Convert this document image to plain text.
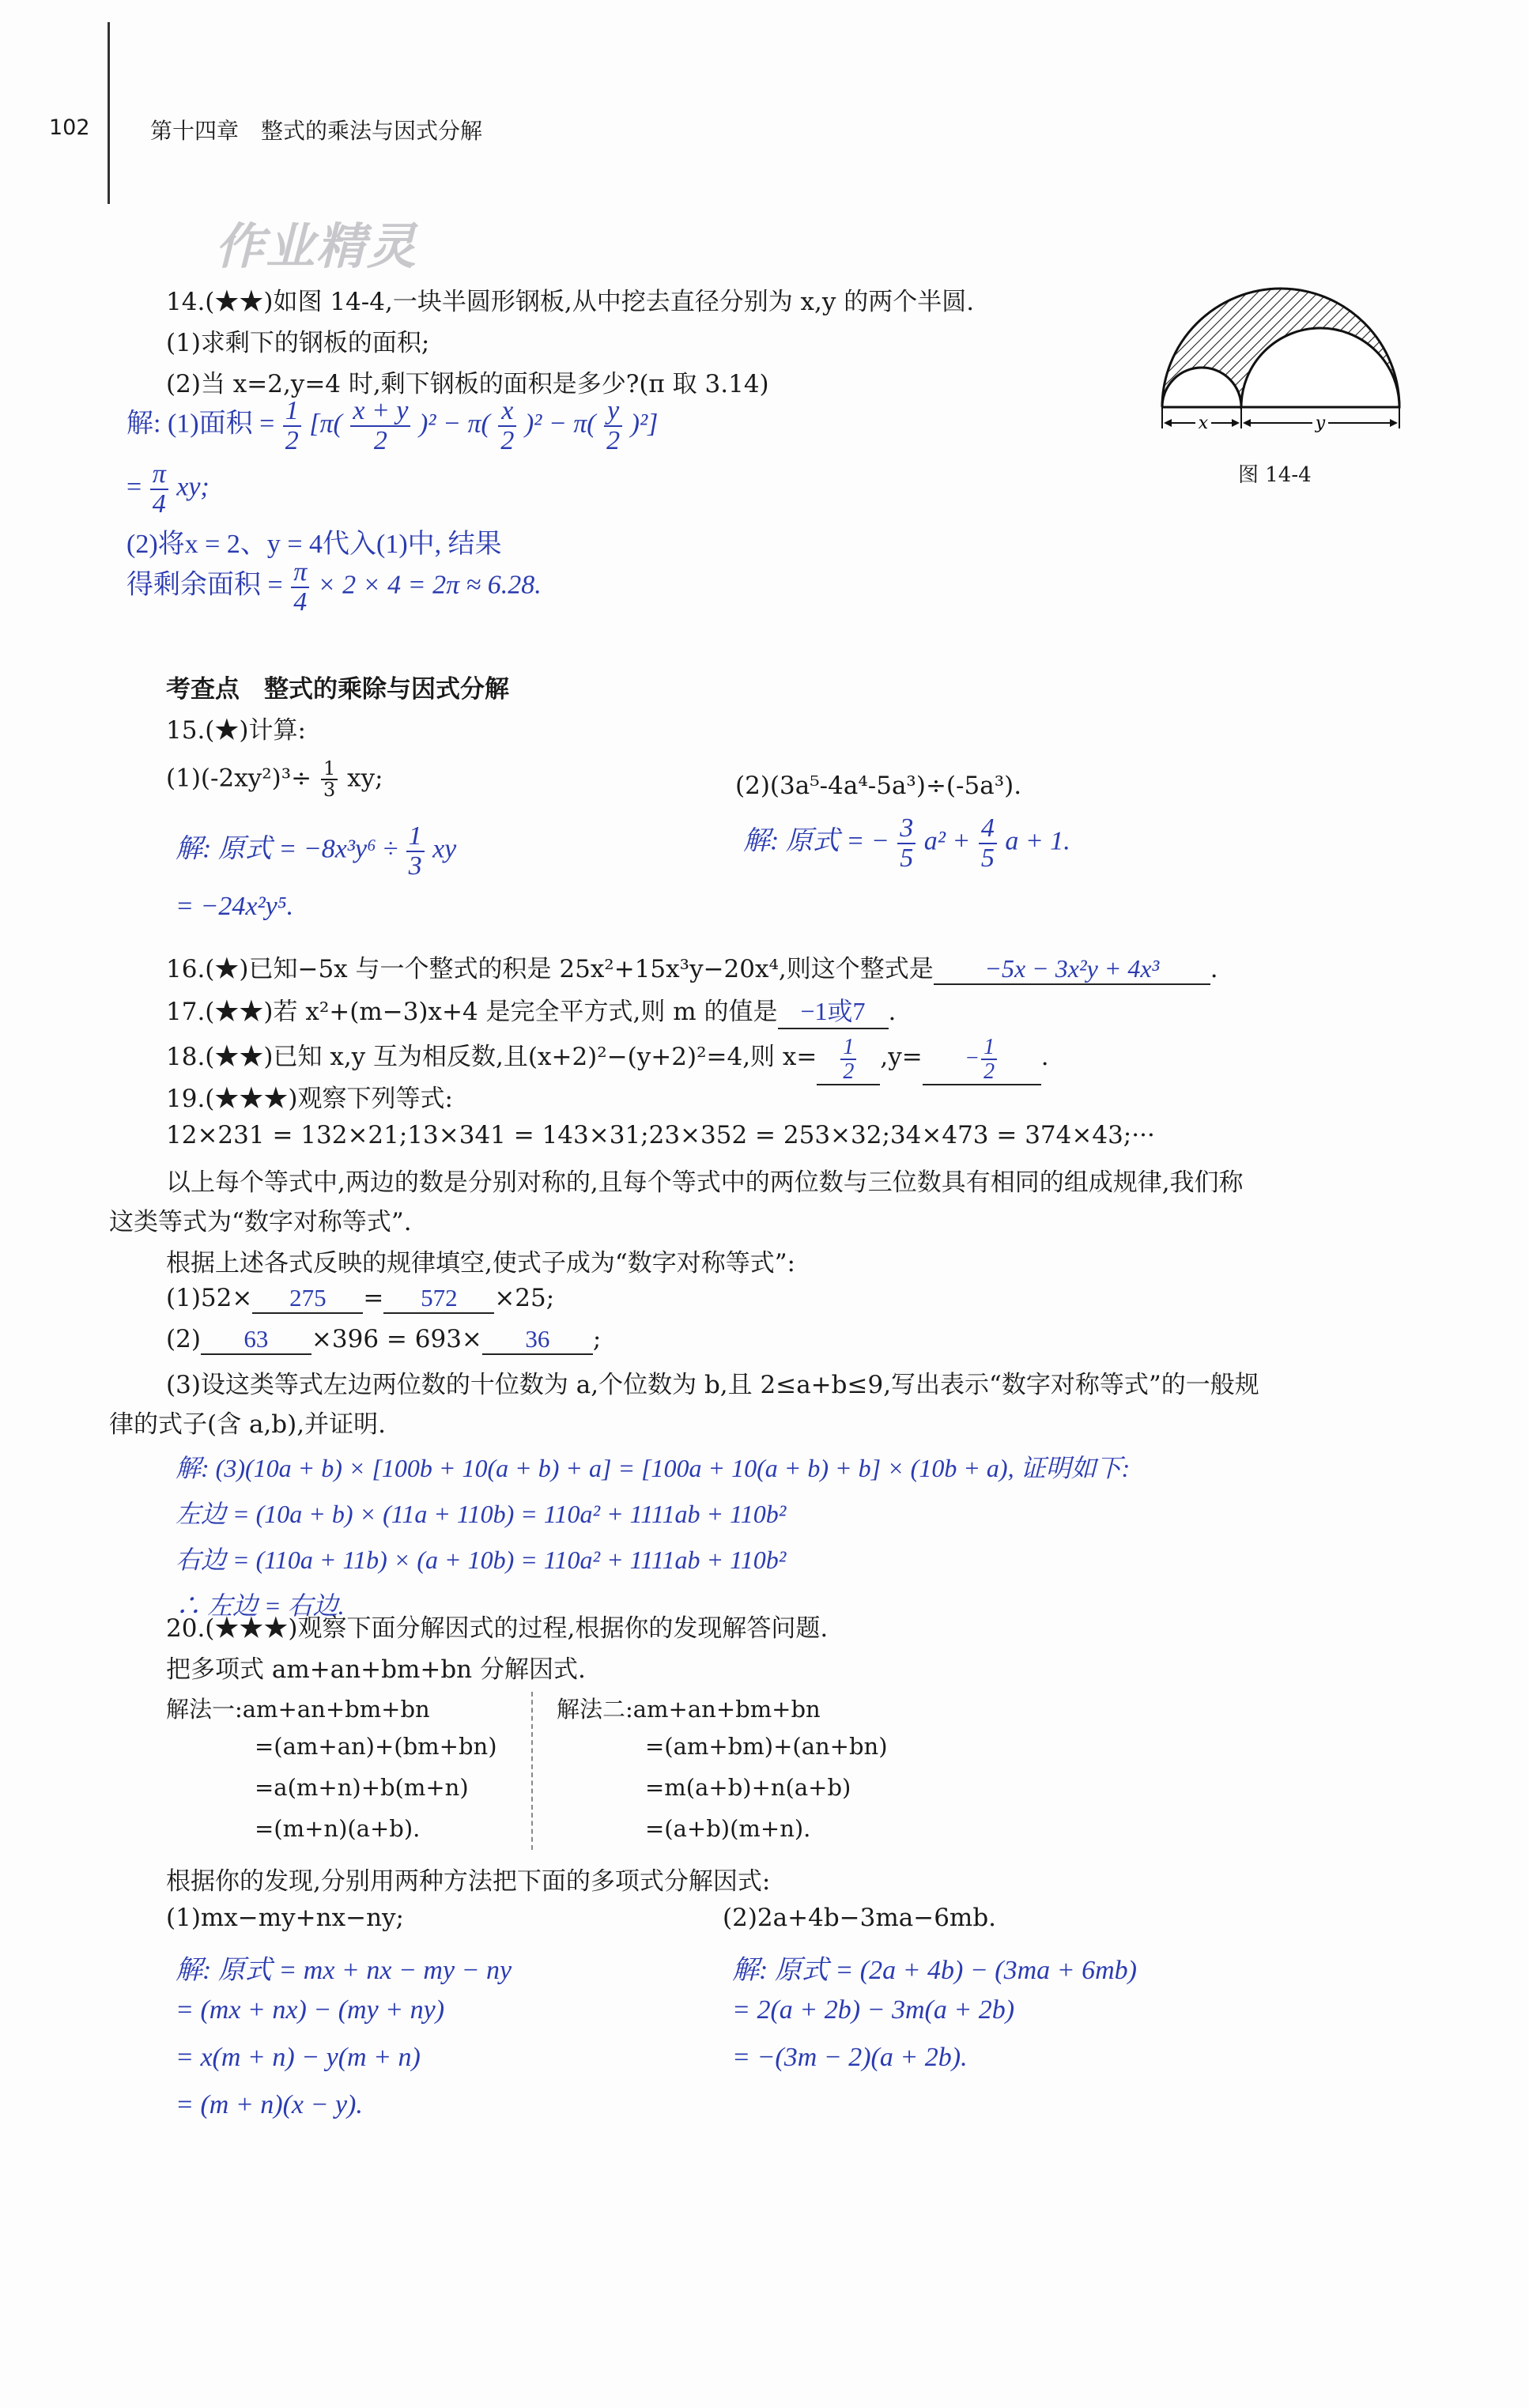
102	第十四章　整式的乘法与因式分解
作业精灵
14.(★★)如图 14-4,一块半圆形钢板,从中挖去直径分别为 x,y 的两个半圆.
(1)求剩下的钢板的面积;
(2)当 x=2,y=4 时,剩下钢板的面积是多少?(π 取 3.14)
x	y
图 14-4
解: (1)面积 = $\frac{1}{2} [\pi( \frac{x + y}{2} )^2 - \pi( \frac{x}{2} )^2 - \pi( \frac{y}{2} )^2]$
= $\frac{\pi}{4}$ xy;
(2)将x = 2、y = 4代入(1)中, 结果
得剩余面积 = $\frac{\pi}{4} \times 2 \times 4 = 2\pi \approx 6.28$.
考查点　整式的乘除与因式分解
15.(★)计算:
$(1)(-2xy^2)^3\div \frac{1}{3}$ xy;	(2)(3a⁵-4a⁴-5a³)÷(-5a³).
解: 原式 = $-8x^3y^6 \div \frac{1}{3}$ xy
= −24x²y⁵.
解: 原式 = − $\frac{3}{5} a^2 + \frac{4}{5}$ a + 1.
16.(★)已知−5x 与一个整式的积是 25x²+15x³y−20x⁴,则这个整式是 −5x − 3x²y + 4x³ .
17.(★★)若 x²+(m−3)x+4 是完全平方式,则 m 的值是 −1或7 .
18.(★★)已知 x,y 互为相反数,且(x+2)²−(y+2)²=4,则 $x= \frac{1}{2} ,y= - \frac{1}{2}$ .
19.(★★★)观察下列等式:
12×231 = 132×21;13×341 = 143×31;23×352 = 253×32;34×473 = 374×43;···
以上每个等式中,两边的数是分别对称的,且每个等式中的两位数与三位数具有相同的组成规律,我们称
这类等式为“数字对称等式”.
根据上述各式反映的规律填空,使式子成为“数字对称等式”:
(1)52× 275 = 572 ×25;
(2) 63 ×396 = 693× 36 ;
(3)设这类等式左边两位数的十位数为 a,个位数为 b,且 2≤a+b≤9,写出表示“数字对称等式”的一般规
律的式子(含 a,b),并证明.
解: (3)(10a + b) × [100b + 10(a + b) + a] = [100a + 10(a + b) + b] × (10b + a), 证明如下:
左边 = (10a + b) × (11a + 110b) = 110a² + 1111ab + 110b²
右边 = (110a + 11b) × (a + 10b) = 110a² + 1111ab + 110b²
∴ 左边 = 右边.
20.(★★★)观察下面分解因式的过程,根据你的发现解答问题.
把多项式 am+an+bm+bn 分解因式.
解法一:am+an+bm+bn
=(am+an)+(bm+bn)
=a(m+n)+b(m+n)
=(m+n)(a+b).
解法二:am+an+bm+bn
=(am+bm)+(an+bn)
=m(a+b)+n(a+b)
=(a+b)(m+n).
根据你的发现,分别用两种方法把下面的多项式分解因式:
(1)mx−my+nx−ny;	(2)2a+4b−3ma−6mb.
解: 原式 = mx + nx − my − ny
= (mx + nx) − (my + ny)
= x(m + n) − y(m + n)
= (m + n)(x − y).
解: 原式 = (2a + 4b) − (3ma + 6mb)
= 2(a + 2b) − 3m(a + 2b)
= −(3m − 2)(a + 2b).
